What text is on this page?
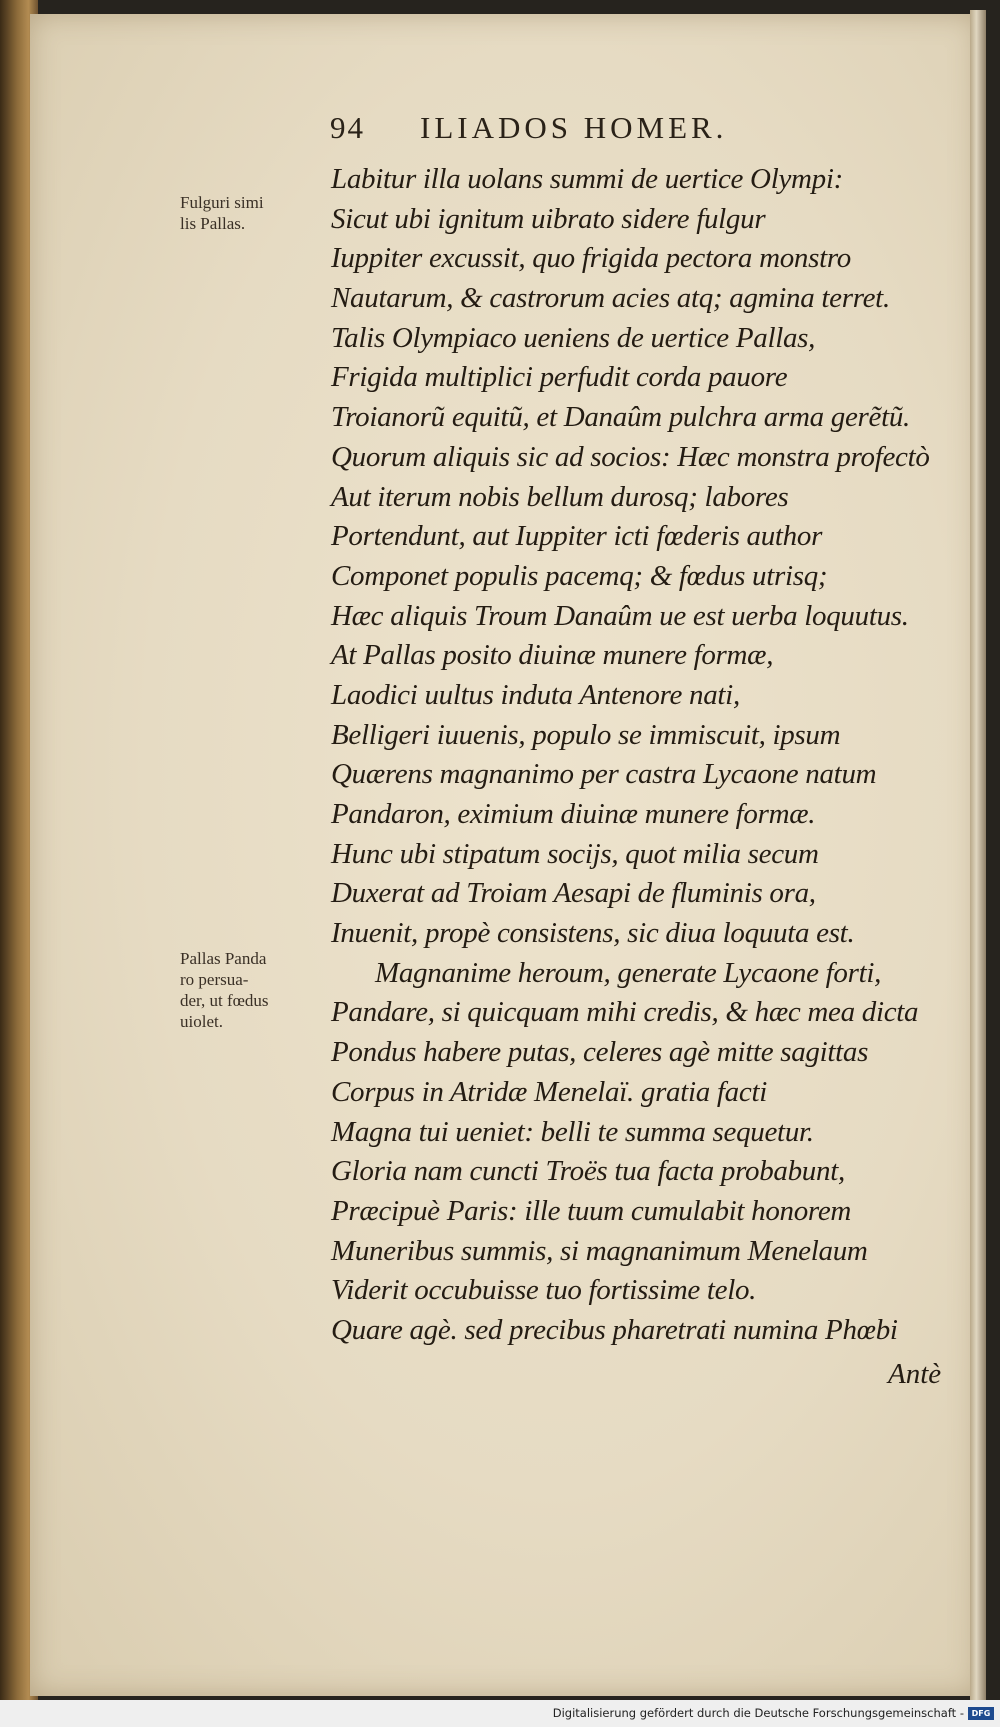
94 ILIADOS HOMER.
Fulguri simi
lis Pallas.
Pallas Panda
ro persua-
der, ut fœdus
uiolet.
Labitur illa uolans summi de uertice Olympi:
Sicut ubi ignitum uibrato sidere fulgur
Iuppiter excussit, quo frigida pectora monstro
Nautarum, & castrorum acies atq; agmina terret.
Talis Olympiaco ueniens de uertice Pallas,
Frigida multiplici perfudit corda pauore
Troianorũ equitũ, et Danaûm pulchra arma gerẽtũ.
Quorum aliquis sic ad socios: Hæc monstra profectò
Aut iterum nobis bellum durosq; labores
Portendunt, aut Iuppiter icti fœderis author
Componet populis pacemq; & fœdus utrisq;
Hæc aliquis Troum Danaûm ue est uerba loquutus.
At Pallas posito diuinæ munere formæ,
Laodici uultus induta Antenore nati,
Belligeri iuuenis, populo se immiscuit, ipsum
Quærens magnanimo per castra Lycaone natum
Pandaron, eximium diuinæ munere formæ.
Hunc ubi stipatum socijs, quot milia secum
Duxerat ad Troiam Aesapi de fluminis ora,
Inuenit, propè consistens, sic diua loquuta est.
Magnanime heroum, generate Lycaone forti,
Pandare, si quicquam mihi credis, & hæc mea dicta
Pondus habere putas, celeres agè mitte sagittas
Corpus in Atridæ Menelaï. gratia facti
Magna tui ueniet: belli te summa sequetur.
Gloria nam cuncti Troës tua facta probabunt,
Præcipuè Paris: ille tuum cumulabit honorem
Muneribus summis, si magnanimum Menelaum
Viderit occubuisse tuo fortissime telo.
Quare agè. sed precibus pharetrati numina Phœbi
Antè
Digitalisierung gefördert durch die Deutsche Forschungsgemeinschaft - DFG
